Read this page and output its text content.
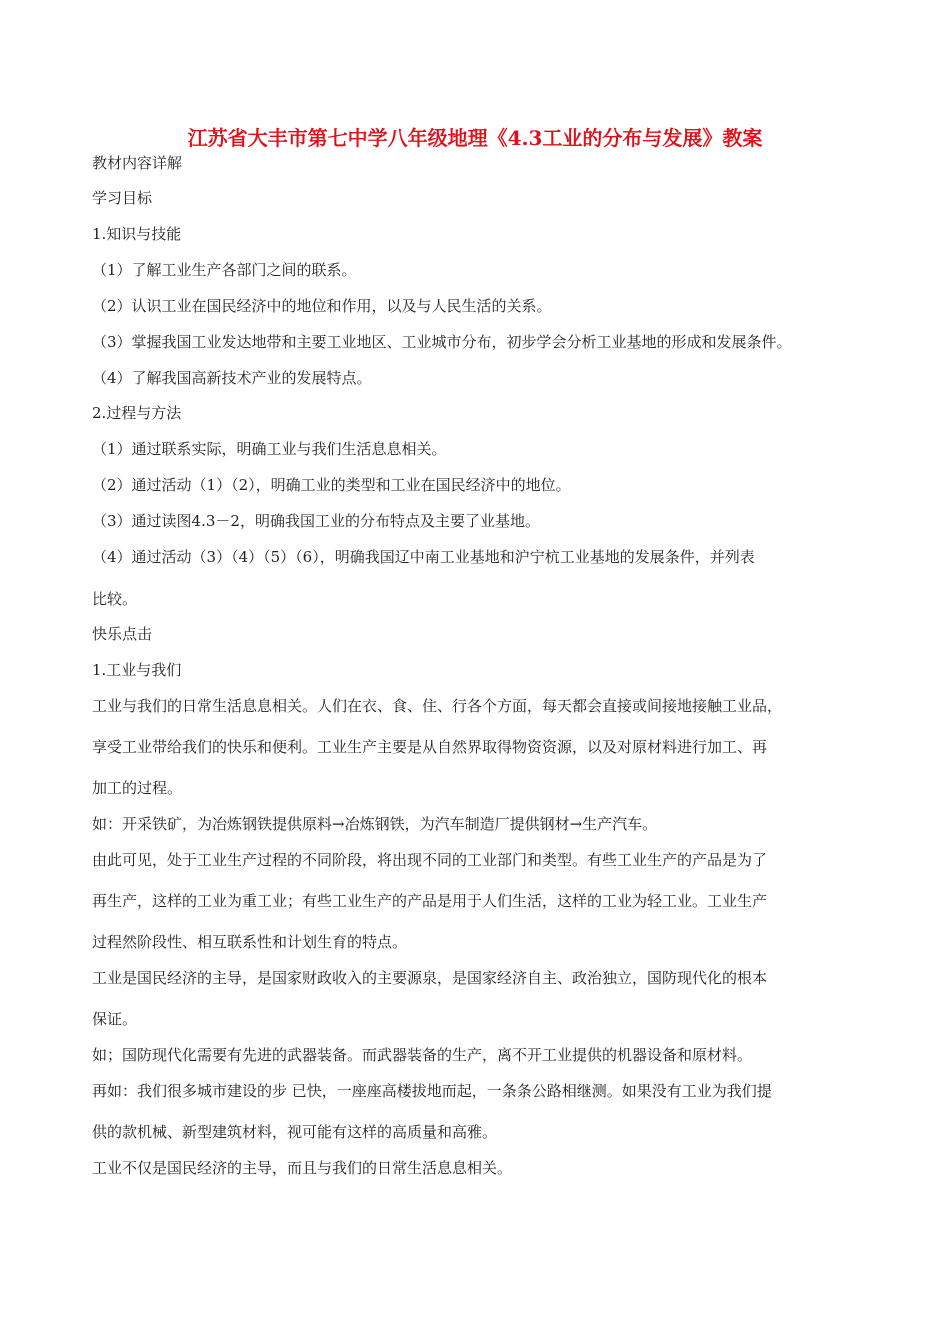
江苏省大丰市第七中学八年级地理《4.3工业的分布与发展》教案
教材内容详解
学习目标
1.知识与技能
（1）了解工业生产各部门之间的联系。
（2）认识工业在国民经济中的地位和作用，以及与人民生活的关系。
（3）掌握我国工业发达地带和主要工业地区、工业城市分布，初步学会分析工业基地的形成和发展条件。
（4）了解我国高新技术产业的发展特点。
2.过程与方法
（1）通过联系实际，明确工业与我们生活息息相关。
（2）通过活动（1）（2），明确工业的类型和工业在国民经济中的地位。
（3）通过读图4.3－2，明确我国工业的分布特点及主要了业基地。
（4）通过活动（3）（4）（5）（6），明确我国辽中南工业基地和沪宁杭工业基地的发展条件，并列表
比较。
快乐点击
1.工业与我们
工业与我们的日常生活息息相关。人们在衣、食、住、行各个方面，每天都会直接或间接地接触工业品，
享受工业带给我们的快乐和便利。工业生产主要是从自然界取得物资资源，以及对原材料进行加工、再
加工的过程。
如：开采铁矿，为冶炼钢铁提供原料→冶炼钢铁，为汽车制造厂提供钢材→生产汽车。
由此可见，处于工业生产过程的不同阶段，将出现不同的工业部门和类型。有些工业生产的产品是为了
再生产，这样的工业为重工业；有些工业生产的产品是用于人们生活，这样的工业为轻工业。工业生产
过程然阶段性、相互联系性和计划生育的特点。
工业是国民经济的主导，是国家财政收入的主要源泉，是国家经济自主、政治独立，国防现代化的根本
保证。
如；国防现代化需要有先进的武器装备。而武器装备的生产，离不开工业提供的机器设备和原材料。
再如：我们很多城市建设的步 已快，一座座高楼拔地而起，一条条公路相继测。如果没有工业为我们提
供的款机械、新型建筑材料，视可能有这样的高质量和高雅。
工业不仅是国民经济的主导，而且与我们的日常生活息息相关。
